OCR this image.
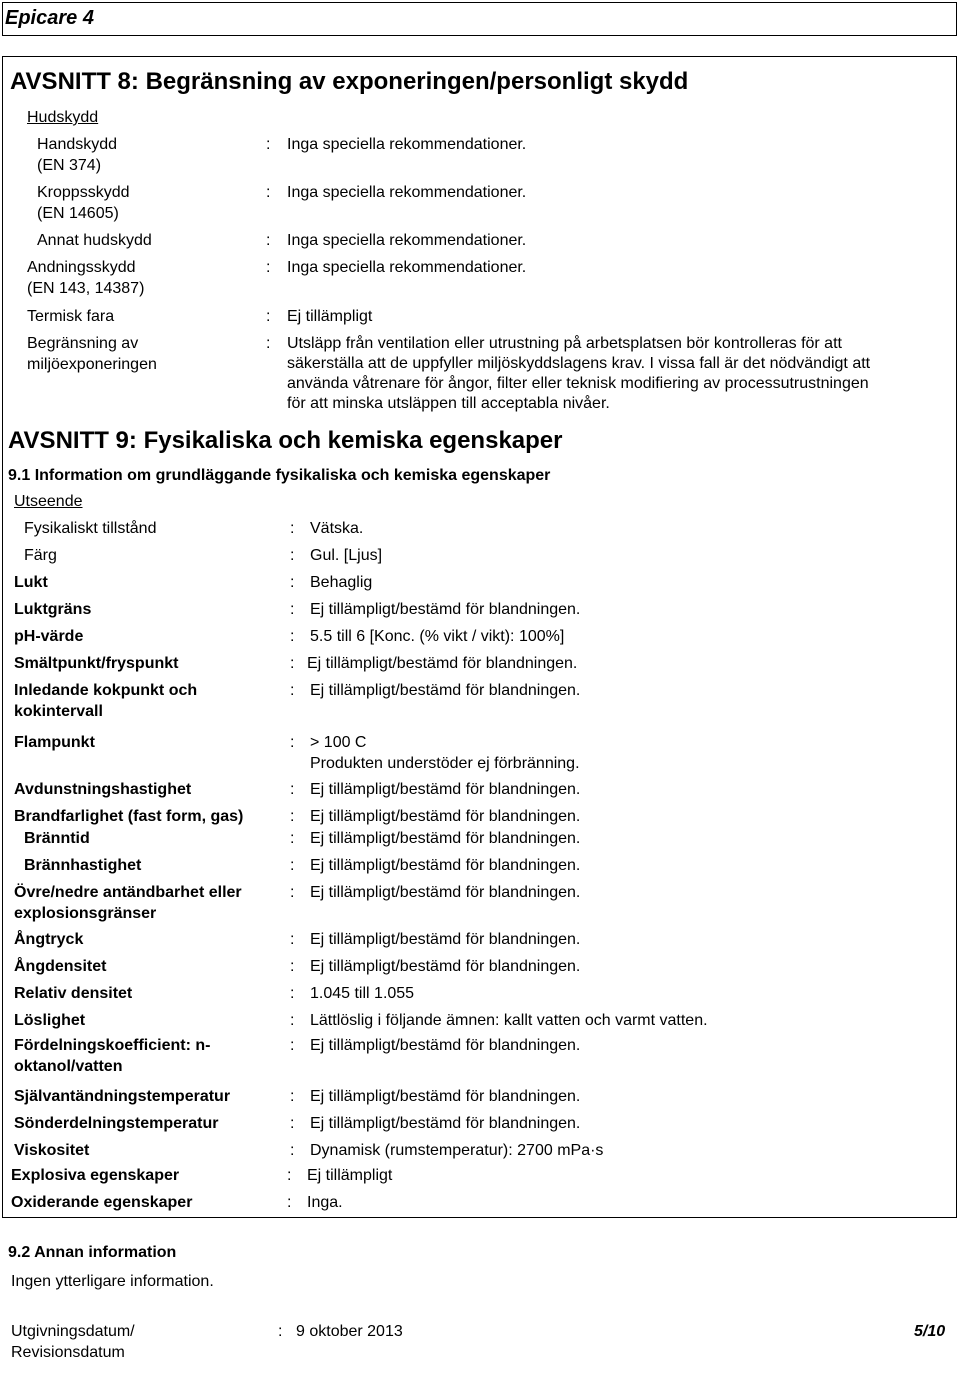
Epicare 4
AVSNITT 8: Begränsning av exponeringen/personligt skydd
Hudskydd
Handskydd
(EN 374)
: Inga speciella rekommendationer.
Kroppsskydd
(EN 14605)
: Inga speciella rekommendationer.
Annat hudskydd	: Inga speciella rekommendationer.
Andningsskydd
(EN 143, 14387)
: Inga speciella rekommendationer.
Termisk fara	: Ej tillämpligt
Begränsning av
miljöexponeringen
: Utsläpp från ventilation eller utrustning på arbetsplatsen bör kontrolleras för att
säkerställa att de uppfyller miljöskyddslagens krav. I vissa fall är det nödvändigt att
använda våtrenare för ångor, filter eller teknisk modifiering av processutrustningen
för att minska utsläppen till acceptabla nivåer.
AVSNITT 9: Fysikaliska och kemiska egenskaper
9.1 Information om grundläggande fysikaliska och kemiska egenskaper
Utseende
Fysikaliskt tillstånd	: Vätska.
Färg	: Gul. [Ljus]
Lukt	: Behaglig
Luktgräns	: Ej tillämpligt/bestämd för blandningen.
pH-värde	: 5.5 till 6 [Konc. (% vikt / vikt): 100%]
Smältpunkt/fryspunkt	: Ej tillämpligt/bestämd för blandningen.
Inledande kokpunkt och
kokintervall
: Ej tillämpligt/bestämd för blandningen.
Flampunkt	: > 100 C
Produkten understöder ej förbränning.
Avdunstningshastighet	: Ej tillämpligt/bestämd för blandningen.
Brandfarlighet (fast form, gas)	: Ej tillämpligt/bestämd för blandningen.
Bränntid	: Ej tillämpligt/bestämd för blandningen.
Brännhastighet	: Ej tillämpligt/bestämd för blandningen.
Övre/nedre antändbarhet eller
explosionsgränser
: Ej tillämpligt/bestämd för blandningen.
Ångtryck	: Ej tillämpligt/bestämd för blandningen.
Ångdensitet	: Ej tillämpligt/bestämd för blandningen.
Relativ densitet	: 1.045 till 1.055
Löslighet	: Lättlöslig i följande ämnen: kallt vatten och varmt vatten.
Fördelningskoefficient: n-
oktanol/vatten
: Ej tillämpligt/bestämd för blandningen.
Självantändningstemperatur	: Ej tillämpligt/bestämd för blandningen.
Sönderdelningstemperatur	: Ej tillämpligt/bestämd för blandningen.
Viskositet	: Dynamisk (rumstemperatur): 2700 mPa·s
Explosiva egenskaper	: Ej tillämpligt
Oxiderande egenskaper	: Inga.
9.2 Annan information
Ingen ytterligare information.
Utgivningsdatum/
Revisionsdatum
: 9 oktober 2013	5/10
